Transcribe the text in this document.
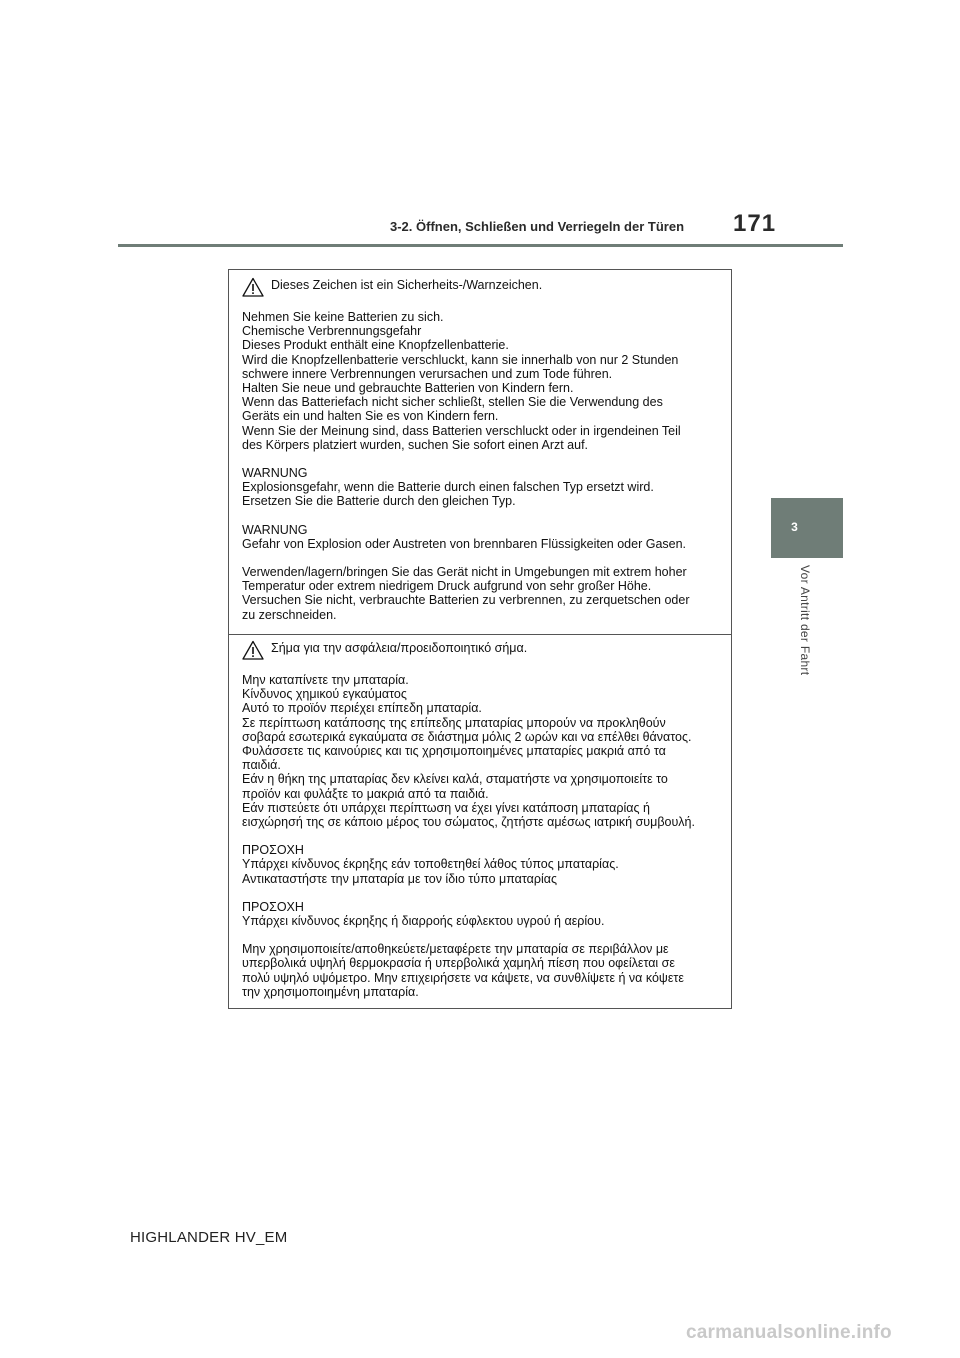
3-2. Öffnen, Schließen und Verriegeln der Türen 171
3
Vor Antritt der Fahrt
Dieses Zeichen ist ein Sicherheits-/Warnzeichen.

Nehmen Sie keine Batterien zu sich.

Chemische Verbrennungsgefahr

Dieses Produkt enthält eine Knopfzellenbatterie.

Wird die Knopfzellenbatterie verschluckt, kann sie innerhalb von nur 2 Stunden

schwere innere Verbrennungen verursachen und zum Tode führen.

Halten Sie neue und gebrauchte Batterien von Kindern fern.

Wenn das Batteriefach nicht sicher schließt, stellen Sie die Verwendung des

Geräts ein und halten Sie es von Kindern fern.

Wenn Sie der Meinung sind, dass Batterien verschluckt oder in irgendeinen Teil

des Körpers platziert wurden, suchen Sie sofort einen Arzt auf.

WARNUNG

Explosionsgefahr, wenn die Batterie durch einen falschen Typ ersetzt wird.

Ersetzen Sie die Batterie durch den gleichen Typ.

WARNUNG

Gefahr von Explosion oder Austreten von brennbaren Flüssigkeiten oder Gasen.

Verwenden/lagern/bringen Sie das Gerät nicht in Umgebungen mit extrem hoher

Temperatur oder extrem niedrigem Druck aufgrund von sehr großer Höhe.

Versuchen Sie nicht, verbrauchte Batterien zu verbrennen, zu zerquetschen oder

zu zerschneiden.

Σήμα για την ασφάλεια/προειδοποιητικό σήμα.

Μην καταπίνετε την μπαταρία.

Κίνδυνος χημικού εγκαύματος

Αυτό το προϊόν περιέχει επίπεδη μπαταρία.

Σε περίπτωση κατάποσης της επίπεδης μπαταρίας μπορούν να προκληθούν

σοβαρά εσωτερικά εγκαύματα σε διάστημα μόλις 2 ωρών και να επέλθει θάνατος.

Φυλάσσετε τις καινούριες και τις χρησιμοποιημένες μπαταρίες μακριά από τα

παιδιά.

Εάν η θήκη της μπαταρίας δεν κλείνει καλά, σταματήστε να χρησιμοποιείτε το

προϊόν και φυλάξτε το μακριά από τα παιδιά.

Εάν πιστεύετε ότι υπάρχει περίπτωση να έχει γίνει κατάποση μπαταρίας ή

εισχώρησή της σε κάποιο μέρος του σώματος, ζητήστε αμέσως ιατρική συμβουλή.

ΠΡΟΣΟΧΗ

Υπάρχει κίνδυνος έκρηξης εάν τοποθετηθεί λάθος τύπος μπαταρίας.

Αντικαταστήστε την μπαταρία με τον ίδιο τύπο μπαταρίας

ΠΡΟΣΟΧΗ

Υπάρχει κίνδυνος έκρηξης ή διαρροής εύφλεκτου υγρού ή αερίου.

Μην χρησιμοποιείτε/αποθηκεύετε/μεταφέρετε την μπαταρία σε περιβάλλον με

υπερβολικά υψηλή θερμοκρασία ή υπερβολικά χαμηλή πίεση που οφείλεται σε

πολύ υψηλό υψόμετρο. Μην επιχειρήσετε να κάψετε, να συνθλίψετε ή να κόψετε

την χρησιμοποιημένη μπαταρία.

HIGHLANDER HV_EM
carmanualsonline.info
